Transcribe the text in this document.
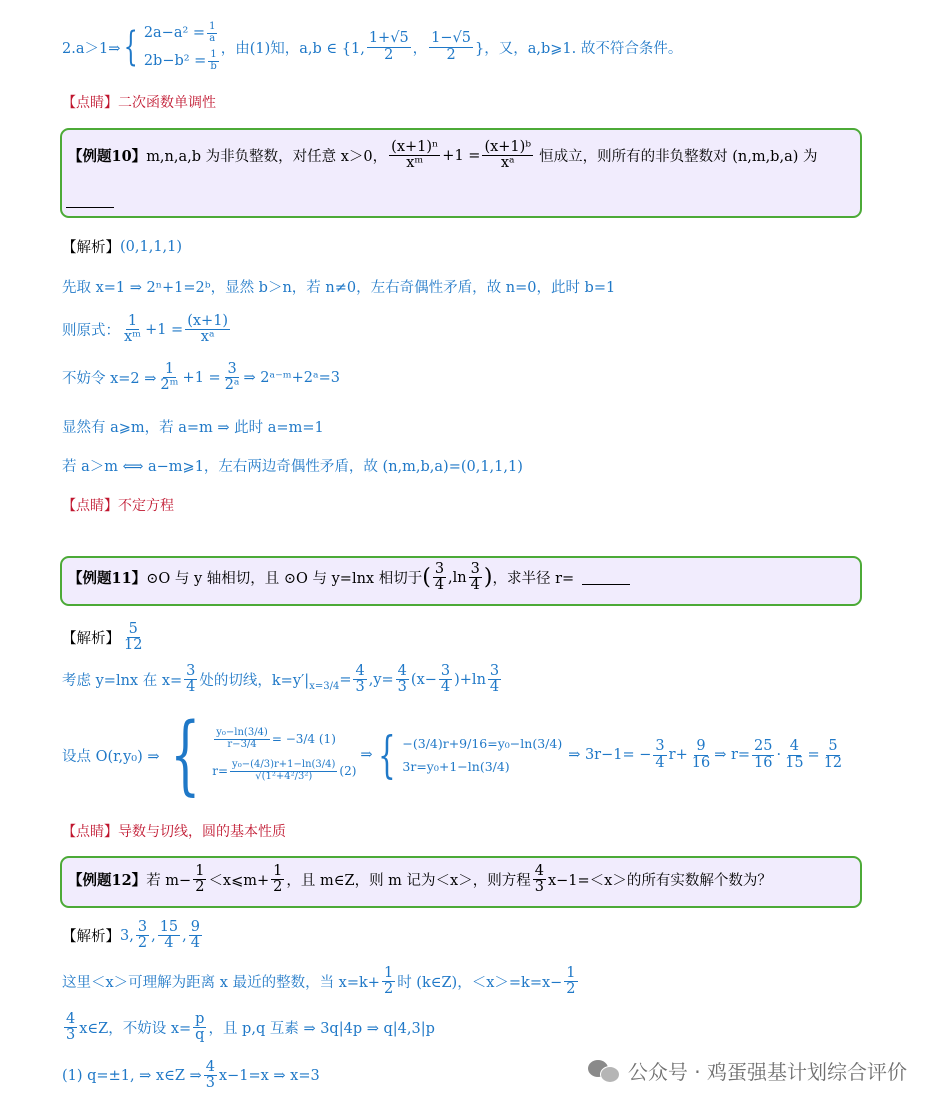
2.a＞1⇒ { $2a-a^2 = \frac{1}{a}$
$2b-b^2 = \frac{1}{b}$
，由(1)知，a,b ∈ {1,
1+√5
2 ，
1−√5
2 }，又，a,b⩾1. 故不符合条件。
【点睛】二次函数单调性
【例题10】 m,n,a,b 为非负整数，对任意 x＞0，
(x+1)ⁿ
xᵐ $+1 = \frac{\text{(x+1)ᵇ}}{\text{xᵃ}}$ 恒成立，则所有的非负整数对 (n,m,b,a) 为
【解析】 (0,1,1,1)
先取 x=1 ⇒ 2ⁿ+1=2ᵇ，显然 b＞n，若 n≠0，左右奇偶性矛盾，故 n=0，此时 b=1
则原式：
1
xᵐ $+1 = \frac{(x+1)}{\text{xᵃ}}$
不妨令 x=2 ⇒
1
2ᵐ $+1 = \frac{3}{\text{2ᵃ}}$ ⇒ 2ᵃ⁻ᵐ+2ᵃ=3
显然有 a⩾m，若 a=m ⇒ 此时 a=m=1
若 a＞m ⟺ a−m⩾1，左右两边奇偶性矛盾，故 (n,m,b,a)=(0,1,1,1)
【点睛】不定方程
【例题11】 ⊙O 与 y 轴相切，且 ⊙O 与 y=lnx 相切于 ( 3
4 ,ln
3
4 ) ，求半径 r=
【解析】
5
12
考虑 y=lnx 在 $x= \frac{3}{4}$ 处的切线，k=y′| $x=3/4 = \frac{4}{3} ,y= \frac{4}{3} (x- \frac{3}{4} )+\ln$
3
4
设点 O(r,y₀) ⇒ { $\frac{\text{y₀−ln(3/4)}}{r-3/4} = -3/4$ (1)
$r= \frac{\text{y₀−(4/3)r+1−ln(3/4)}}{\text{√(1²+4²/3²)}} (2)$
⇒ { −(3/4)r+9/16=y₀−ln(3/4)
3r=y₀+1−ln(3/4)
⇒ $3r-1= - \frac{3}{4} r+ \frac{9}{16}$ ⇒ $r= \frac{25}{16} \cdot \frac{4}{15} = \frac{5}{12}$
【点睛】导数与切线，圆的基本性质
【例题12】 若 $m- \frac{1}{2}$ ＜x⩽m+ $\frac{1}{2}$ ，且 m∈Z，则 m 记为＜x＞，则方程
4
3 x−1=＜x＞的所有实数解个数为？
【解析】 3,
3
2 ,
15
4 ,
9
4
这里＜x＞可理解为距离 x 最近的整数，当 $x=k+ \frac{1}{2}$ 时 (k∈Z)，$<x>=k=x- \frac{1}{2}$
4
3 x∈Z，不妨设 $x= \frac{p}{q}$ ，且 p,q 互素 ⇒ 3q|4p ⇒ q|4,3|p
(1) q=±1, ⇒ x∈Z ⇒
4
3 x−1=x ⇒ x=3	公众号 · 鸡蛋强基计划综合评价
